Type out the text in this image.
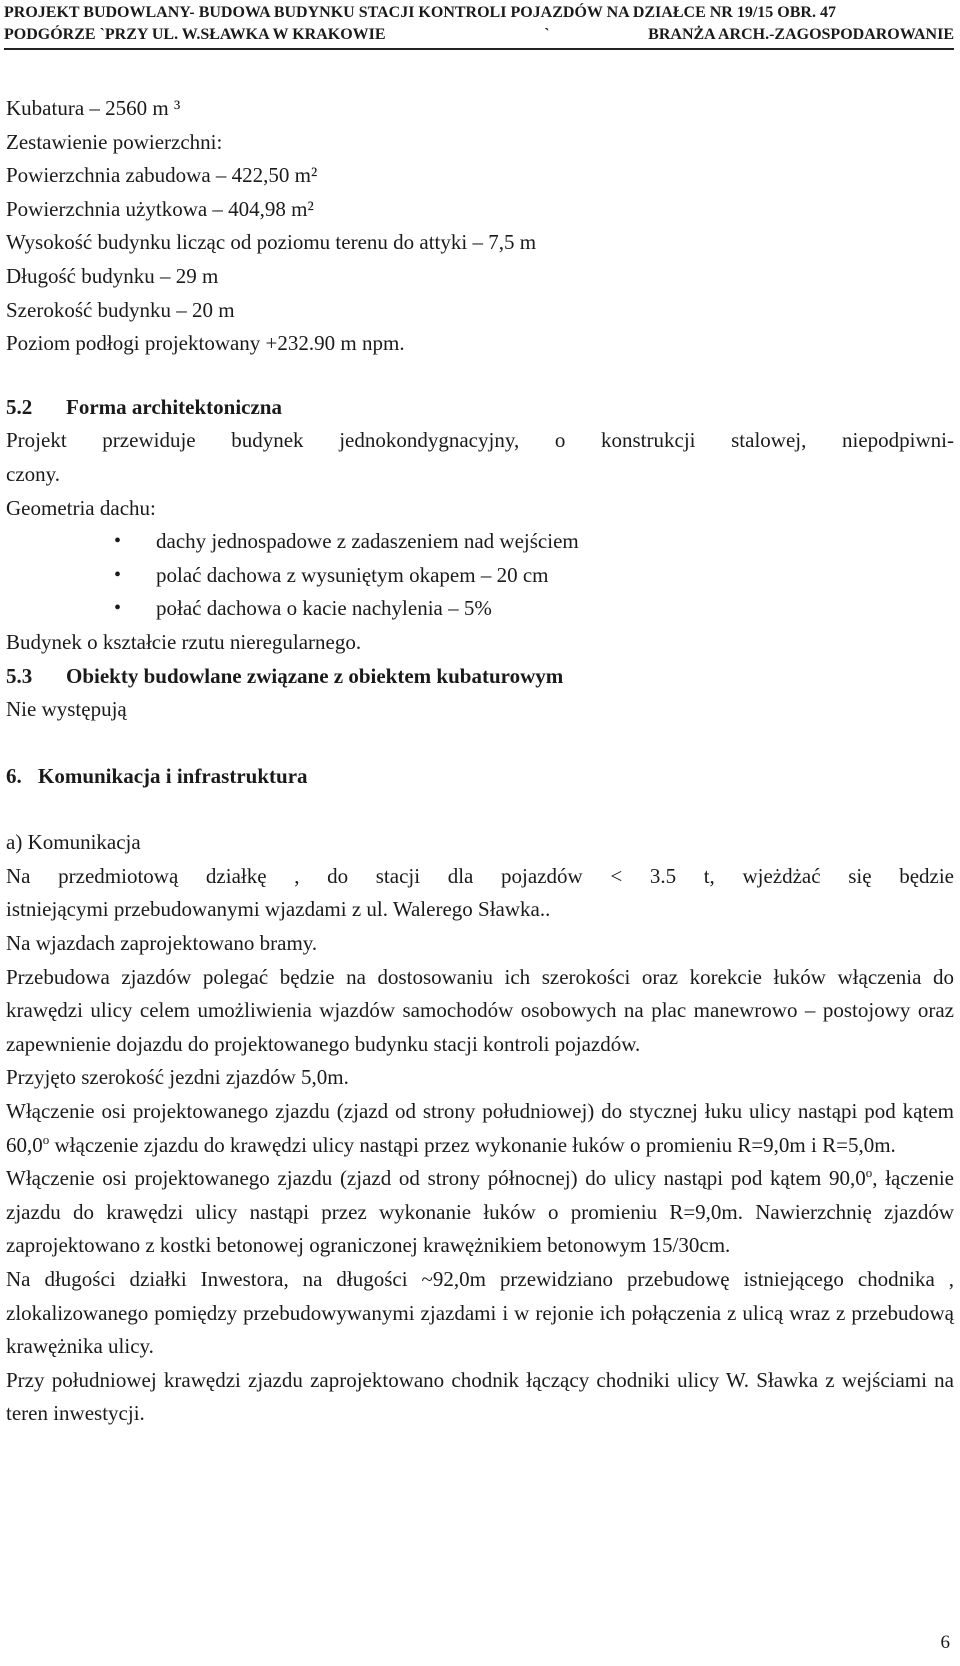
PROJEKT BUDOWLANY- BUDOWA BUDYNKU STACJI KONTROLI POJAZDÓW NA DZIAŁCE NR 19/15 OBR. 47
PODGÓRZE `PRZY UL. W.SŁAWKA W KRAKOWIE	`	BRANŻA ARCH.-ZAGOSPODAROWANIE

Kubatura – 2560 m ³

Zestawienie powierzchni:

Powierzchnia zabudowa – 422,50 m²

Powierzchnia użytkowa – 404,98 m²

Wysokość budynku licząc od poziomu terenu do attyki – 7,5 m

Długość budynku – 29 m

Szerokość budynku – 20 m

Poziom podłogi projektowany +232.90 m npm.

5.2 Forma architektoniczna

Projekt przewiduje budynek jednokondygnacyjny, o konstrukcji stalowej, niepodpiwni-

czony.

Geometria dachu:

• dachy jednospadowe z zadaszeniem nad wejściem
• polać dachowa z wysuniętym okapem – 20 cm
• połać dachowa o kacie nachylenia – 5%

Budynek o kształcie rzutu nieregularnego.

5.3 Obiekty budowlane związane z obiektem kubaturowym

Nie występują

6. Komunikacja i infrastruktura

a) Komunikacja

Na przedmiotową działkę , do stacji dla pojazdów < 3.5 t, wjeżdżać się będzie

istniejącymi przebudowanymi wjazdami z ul. Walerego Sławka..

Na wjazdach zaprojektowano bramy.

Przebudowa zjazdów polegać będzie na dostosowaniu ich szerokości oraz korekcie łuków włączenia do krawędzi ulicy celem umożliwienia wjazdów samochodów osobowych na plac manewrowo – postojowy oraz zapewnienie dojazdu do projektowanego budynku stacji kontroli pojazdów.

Przyjęto szerokość jezdni zjazdów 5,0m.

Włączenie osi projektowanego zjazdu (zjazd od strony południowej) do stycznej łuku ulicy nastąpi pod kątem 60,0$^o$ włączenie zjazdu do krawędzi ulicy nastąpi przez wykonanie łuków o promieniu R=9,0m i R=5,0m.

Włączenie osi projektowanego zjazdu (zjazd od strony północnej) do ulicy nastąpi pod kątem 90,0$^o$, łączenie zjazdu do krawędzi ulicy nastąpi przez wykonanie łuków o promieniu R=9,0m. Nawierzchnię zjazdów zaprojektowano z kostki betonowej ograniczonej krawężnikiem betonowym 15/30cm.

Na długości działki Inwestora, na długości ~92,0m przewidziano przebudowę istniejącego chodnika , zlokalizowanego pomiędzy przebudowywanymi zjazdami i w rejonie ich połączenia z ulicą wraz z przebudową krawężnika ulicy.

Przy południowej krawędzi zjazdu zaprojektowano chodnik łączący chodniki ulicy W. Sławka z wejściami na teren inwestycji.

6
